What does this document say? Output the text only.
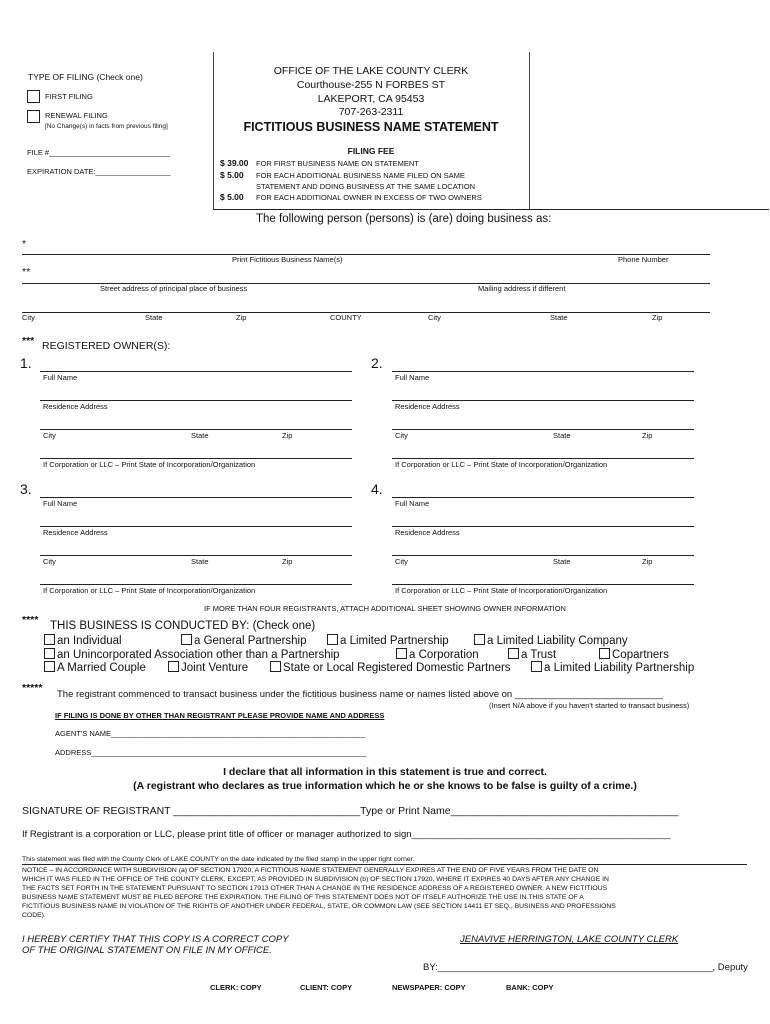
TYPE OF FILING (Check one)
FIRST FILING
RENEWAL FILING
[No Change(s) in facts from previous filing]
FILE #_____________________________
EXPIRATION DATE:__________________
OFFICE OF THE LAKE COUNTY CLERK
Courthouse-255 N FORBES ST
LAKEPORT, CA 95453
707-263-2311
FICTITIOUS BUSINESS NAME STATEMENT
FILING FEE
$ 39.00 FOR FIRST BUSINESS NAME ON STATEMENT
$ 5.00 FOR EACH ADDITIONAL BUSINESS NAME FILED ON SAME
STATEMENT AND DOING BUSINESS AT THE SAME LOCATION
$ 5.00 FOR EACH ADDITIONAL OWNER IN EXCESS OF TWO OWNERS
The following person (persons) is (are) doing business as:
*
Print Fictitious Business Name(s)	Phone Number
**
Street address of principal place of business	Mailing address if different
City	State	Zip	COUNTY	City	State	Zip
*** REGISTERED OWNER(S):
1.
Full Name
Residence Address
City	State	Zip
If Corporation or LLC – Print State of Incorporation/Organization
2.
Full Name
Residence Address
City	State	Zip
If Corporation or LLC – Print State of Incorporation/Organization
3.
Full Name
Residence Address
City	State	Zip
If Corporation or LLC – Print State of Incorporation/Organization
4.
Full Name
Residence Address
City	State	Zip
If Corporation or LLC – Print State of Incorporation/Organization
IF MORE THAN FOUR REGISTRANTS, ATTACH ADDITIONAL SHEET SHOWING OWNER INFORMATION
**** THIS BUSINESS IS CONDUCTED BY: (Check one)
an Individual	a General Partnership	a Limited Partnership	a Limited Liability Company
an Unincorporated Association other than a Partnership	a Corporation	a Trust	Copartners
A Married Couple	Joint Venture	State or Local Registered Domestic Partners	a Limited Liability Partnership
*****
The registrant commenced to transact business under the fictitious business name or names listed above on ____________________________
(Insert N/A above if you haven't started to transact business)
IF FILING IS DONE BY OTHER THAN REGISTRANT PLEASE PROVIDE NAME AND ADDRESS
AGENT'S NAME_____________________________________________________________
ADDRESS__________________________________________________________________
I declare that all information in this statement is true and correct.
(A registrant who declares as true information which he or she knows to be false is guilty of a crime.)
SIGNATURE OF REGISTRANT ________________________________Type or Print Name_______________________________________
If Registrant is a corporation or LLC, please print title of officer or manager authorized to sign_________________________________________________
This statement was filed with the County Clerk of LAKE COUNTY on the date indicated by the filed stamp in the upper right corner.
NOTICE – IN ACCORDANCE WITH SUBDIVISION (a) OF SECTION 17920, A FICTITIOUS NAME STATEMENT GENERALLY EXPIRES AT THE END OF FIVE YEARS FROM THE DATE ON
WHICH IT WAS FILED IN THE OFFICE OF THE COUNTY CLERK, EXCEPT, AS PROVIDED IN SUBDIVISION (b) OF SECTION 17920, WHERE IT EXPIRES 40 DAYS AFTER ANY CHANGE IN
THE FACTS SET FORTH IN THE STATEMENT PURSUANT TO SECTION 17913 OTHER THAN A CHANGE IN THE RESIDENCE ADDRESS OF A REGISTERED OWNER. A NEW FICTITIOUS
BUSINESS NAME STATEMENT MUST BE FILED BEFORE THE EXPIRATION. THE FILING OF THIS STATEMENT DOES NOT OF ITSELF AUTHORIZE THE USE IN THIS STATE OF A
FICTITIOUS BUSINESS NAME IN VIOLATION OF THE RIGHTS OF ANOTHER UNDER FEDERAL, STATE, OR COMMON LAW (SEE SECTION 14411 ET SEQ., BUSINESS AND PROFESSIONS
CODE).
I HEREBY CERTIFY THAT THIS COPY IS A CORRECT COPY
OF THE ORIGINAL STATEMENT ON FILE IN MY OFFICE.
JENAVIVE HERRINGTON, LAKE COUNTY CLERK
BY:____________________________________________________, Deputy
CLERK: COPY	CLIENT: COPY	NEWSPAPER: COPY	BANK: COPY
